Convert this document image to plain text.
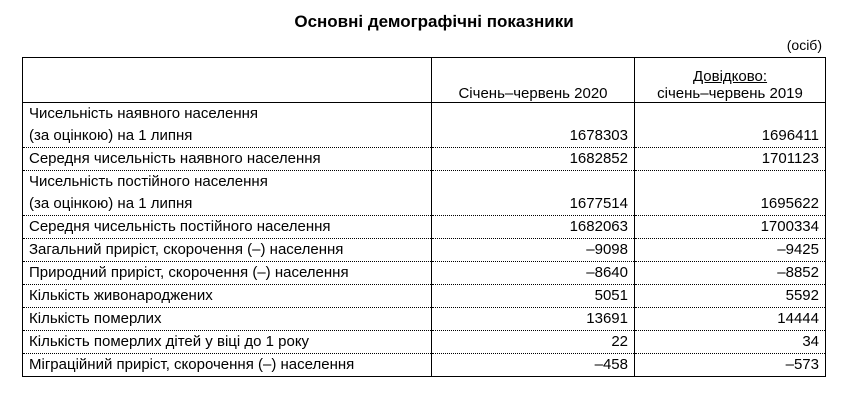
Основні демографічні показники
(осіб)
	Січень–червень 2020	Довідково:
січень–червень 2019

Чисельність наявного населення
(за оцінкою) на 1 липня	1678303	1696411
Середня чисельність наявного населення	1682852	1701123

Чисельність постійного населення
(за оцінкою) на 1 липня	1677514	1695622
Середня чисельність постійного населення	1682063	1700334
Загальний приріст, скорочення (–) населення	–9098	–9425
Природний приріст, скорочення (–) населення	–8640	–8852
Кількість живонароджених	5051	5592
Кількість померлих	13691	14444
Кількість померлих дітей у віці до 1 року	22	34
Міграційний приріст, скорочення (–) населення	–458	–573
